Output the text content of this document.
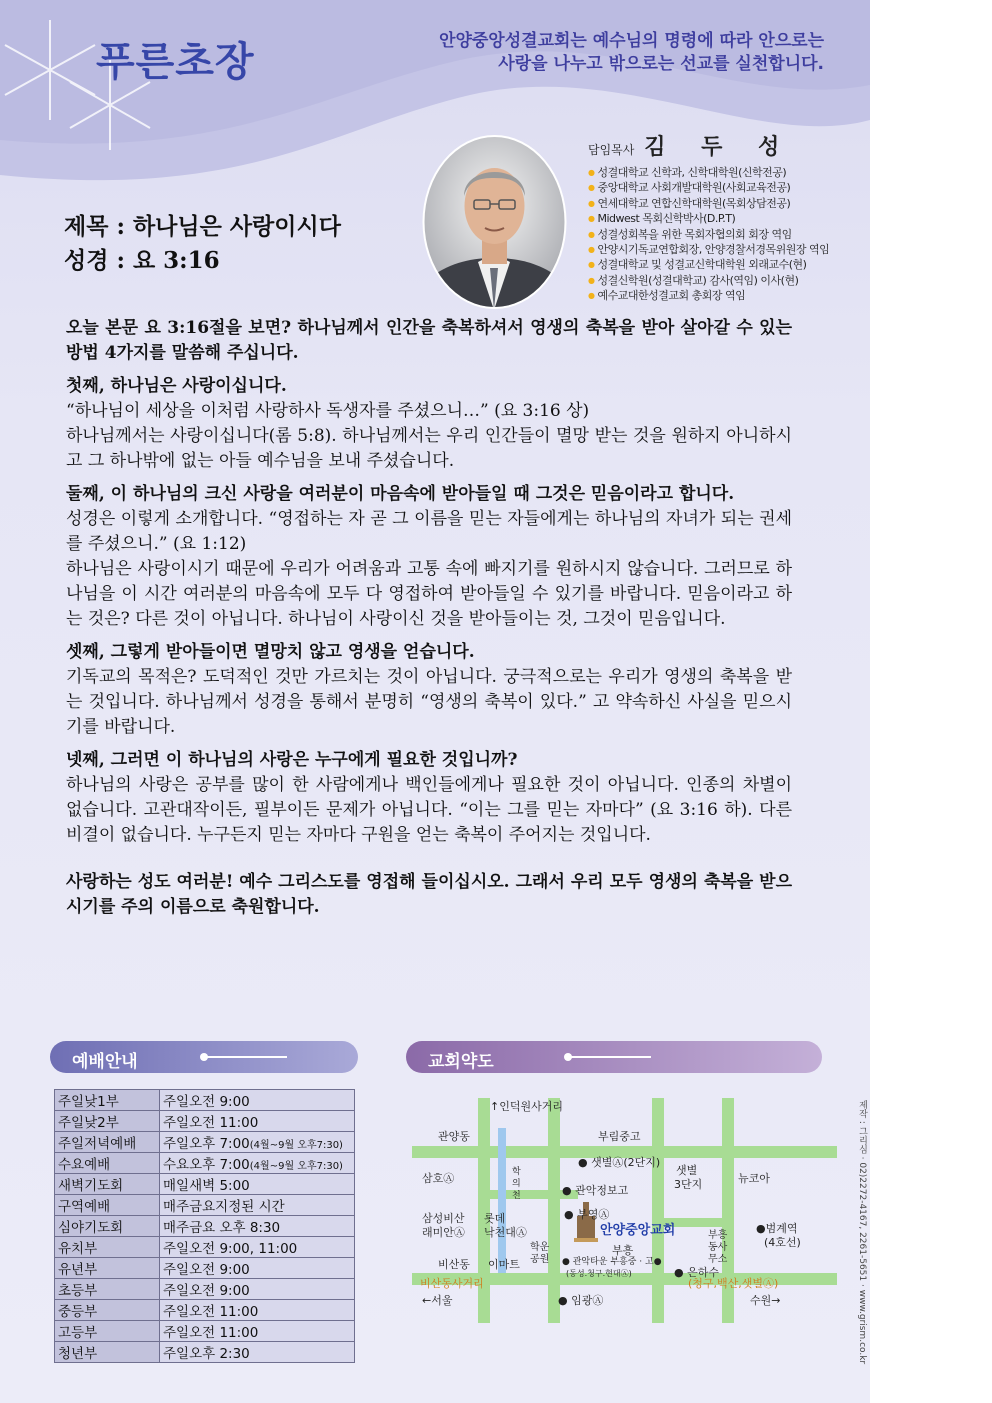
푸른초장	안양중앙성결교회는 예수님의 명령에 따라 안으로는
사랑을 나누고 밖으로는 선교를 실천합니다.
제목 : 하나님은 사랑이시다
성경 : 요 3:16
담임목사 김 두 성
● 성결대학교 신학과, 신학대학원(신학전공)
● 중앙대학교 사회개발대학원(사회교육전공)
● 연세대학교 연합신학대학원(목회상담전공)
● Midwest 목회신학박사(D.P.T)
● 성결성회복을 위한 목회자협의회 회장 역임
● 안양시기독교연합회장, 안양경찰서경목위원장 역임
● 성결대학교 및 성결교신학대학원 외래교수(현)
● 성결신학원(성결대학교) 감사(역임) 이사(현)
● 예수교대한성결교회 총회장 역임

오늘 본문 요 3:16절을 보면? 하나님께서 인간을 축복하셔서 영생의 축복을 받아 살아갈 수 있는 방법 4가지를 말씀해 주십니다.

첫째, 하나님은 사랑이십니다.

“하나님이 세상을 이처럼 사랑하사 독생자를 주셨으니…” (요 3:16 상)

하나님께서는 사랑이십니다(롬 5:8). 하나님께서는 우리 인간들이 멸망 받는 것을 원하지 아니하시고 그 하나밖에 없는 아들 예수님을 보내 주셨습니다.

둘째, 이 하나님의 크신 사랑을 여러분이 마음속에 받아들일 때 그것은 믿음이라고 합니다.

성경은 이렇게 소개합니다. “영접하는 자 곧 그 이름을 믿는 자들에게는 하나님의 자녀가 되는 권세를 주셨으니.” (요 1:12)

하나님은 사랑이시기 때문에 우리가 어려움과 고통 속에 빠지기를 원하시지 않습니다. 그러므로 하나님을 이 시간 여러분의 마음속에 모두 다 영접하여 받아들일 수 있기를 바랍니다. 믿음이라고 하는 것은? 다른 것이 아닙니다. 하나님이 사랑이신 것을 받아들이는 것, 그것이 믿음입니다.

셋째, 그렇게 받아들이면 멸망치 않고 영생을 얻습니다.

기독교의 목적은? 도덕적인 것만 가르치는 것이 아닙니다. 궁극적으로는 우리가 영생의 축복을 받는 것입니다. 하나님께서 성경을 통해서 분명히 “영생의 축복이 있다.” 고 약속하신 사실을 믿으시기를 바랍니다.

넷째, 그러면 이 하나님의 사랑은 누구에게 필요한 것입니까?

하나님의 사랑은 공부를 많이 한 사람에게나 백인들에게나 필요한 것이 아닙니다. 인종의 차별이 없습니다. 고관대작이든, 필부이든 문제가 아닙니다. “이는 그를 믿는 자마다” (요 3:16 하). 다른 비결이 없습니다. 누구든지 믿는 자마다 구원을 얻는 축복이 주어지는 것입니다.

사랑하는 성도 여러분! 예수 그리스도를 영접해 들이십시오. 그래서 우리 모두 영생의 축복을 받으시기를 주의 이름으로 축원합니다.

예배안내
주일낮1부	주일오전 9:00
주일낮2부	주일오전 11:00
주일저녁예배	주일오후 7:00(4월~9월 오후7:30)
수요예배	수요오후 7:00(4월~9월 오후7:30)
새벽기도회	매일새벽 5:00
구역예배	매주금요지정된 시간
심야기도회	매주금요 오후 8:30
유치부	주일오전 9:00, 11:00
유년부	주일오전 9:00
초등부	주일오전 9:00
중등부	주일오전 11:00
고등부	주일오전 11:00
청년부	주일오후 2:30
교회약도
↑인덕원사거리
관양동	부림중고
● 샛별Ⓐ(2단지)
샛별
3단지	뉴코아
삼호Ⓐ	학
의
천	● 관악정보고
삼성비산
래미안Ⓐ
롯데
낙천대Ⓐ
● 부영Ⓐ
안양중앙교회
부흥
부흥
동사
무소
●범계역
(4호선)
학운
공원
비산동 이마트	● 관악타운 부흥중 · 고●
(동성.청구.현대Ⓐ)	● 은하수
비산동사거리	(청구,백산,샛별Ⓐ)
←서울	● 임광Ⓐ	수원→	제작 : 그리심 · 02)2272-4167, 2261-5651 · www.grism.co.kr
